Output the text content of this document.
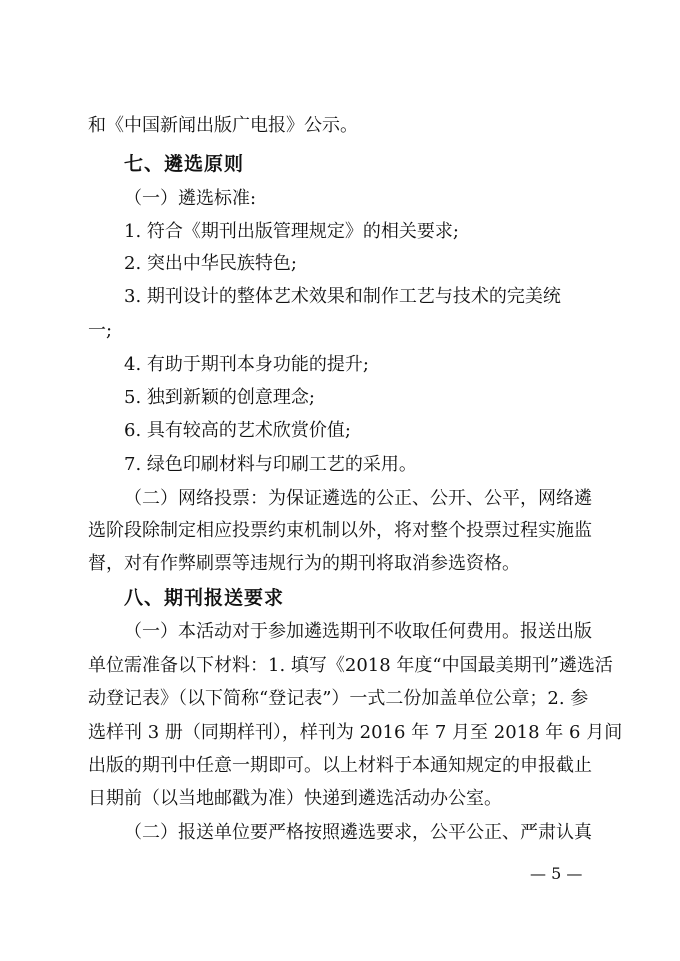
和《中国新闻出版广电报》公示。
七、遴选原则
（一）遴选标准:
1. 符合《期刊出版管理规定》的相关要求;
2. 突出中华民族特色;
3. 期刊设计的整体艺术效果和制作工艺与技术的完美统
一;
4. 有助于期刊本身功能的提升;
5. 独到新颖的创意理念;
6. 具有较高的艺术欣赏价值;
7. 绿色印刷材料与印刷工艺的采用。
（二）网络投票：为保证遴选的公正、公开、公平，网络遴
选阶段除制定相应投票约束机制以外，将对整个投票过程实施监
督，对有作弊刷票等违规行为的期刊将取消参选资格。
八、期刊报送要求
（一）本活动对于参加遴选期刊不收取任何费用。报送出版
单位需准备以下材料：1. 填写《2018 年度“中国最美期刊”遴选活
动登记表》（以下简称“登记表”）一式二份加盖单位公章；2. 参
选样刊 3 册（同期样刊），样刊为 2016 年 7 月至 2018 年 6 月间
出版的期刊中任意一期即可。以上材料于本通知规定的申报截止
日期前（以当地邮戳为准）快递到遴选活动办公室。
（二）报送单位要严格按照遴选要求，公平公正、严肃认真
— 5 —
